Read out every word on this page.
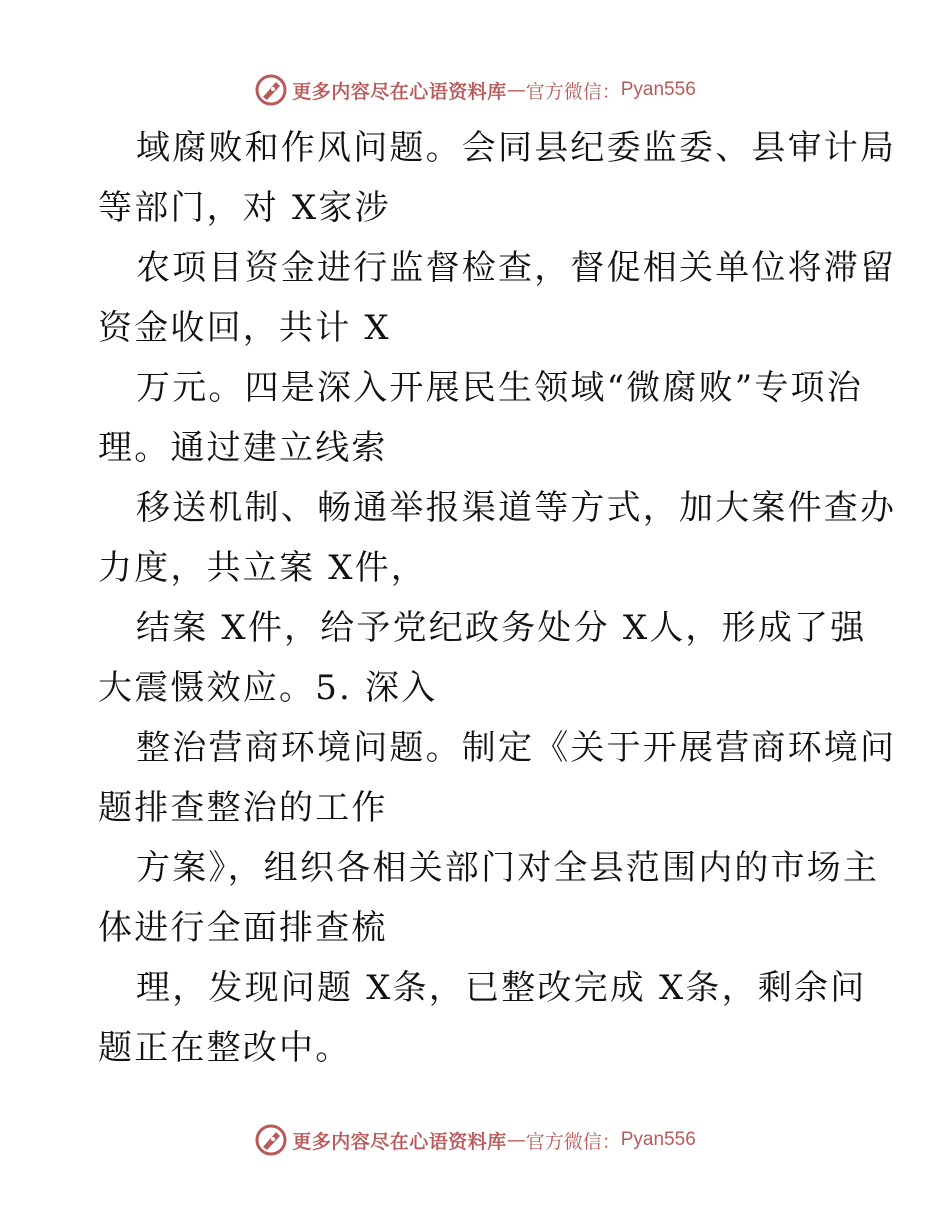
更多内容尽在心语资料库 — 官方微信： Pyan556
域腐败和作风问题。会同县纪委监委、县审计局
等部门，对 X家涉
农项目资金进行监督检查，督促相关单位将滞留
资金收回，共计 X
万元。四是深入开展民生领域“微腐败”专项治
理。通过建立线索
移送机制、畅通举报渠道等方式，加大案件查办
力度，共立案 X件，
结案 X件，给予党纪政务处分 X人，形成了强
大震慑效应。5. 深入
整治营商环境问题。制定《关于开展营商环境问
题排查整治的工作
方案》，组织各相关部门对全县范围内的市场主
体进行全面排查梳
理，发现问题 X条，已整改完成 X条，剩余问
题正在整改中。
更多内容尽在心语资料库 — 官方微信： Pyan556
